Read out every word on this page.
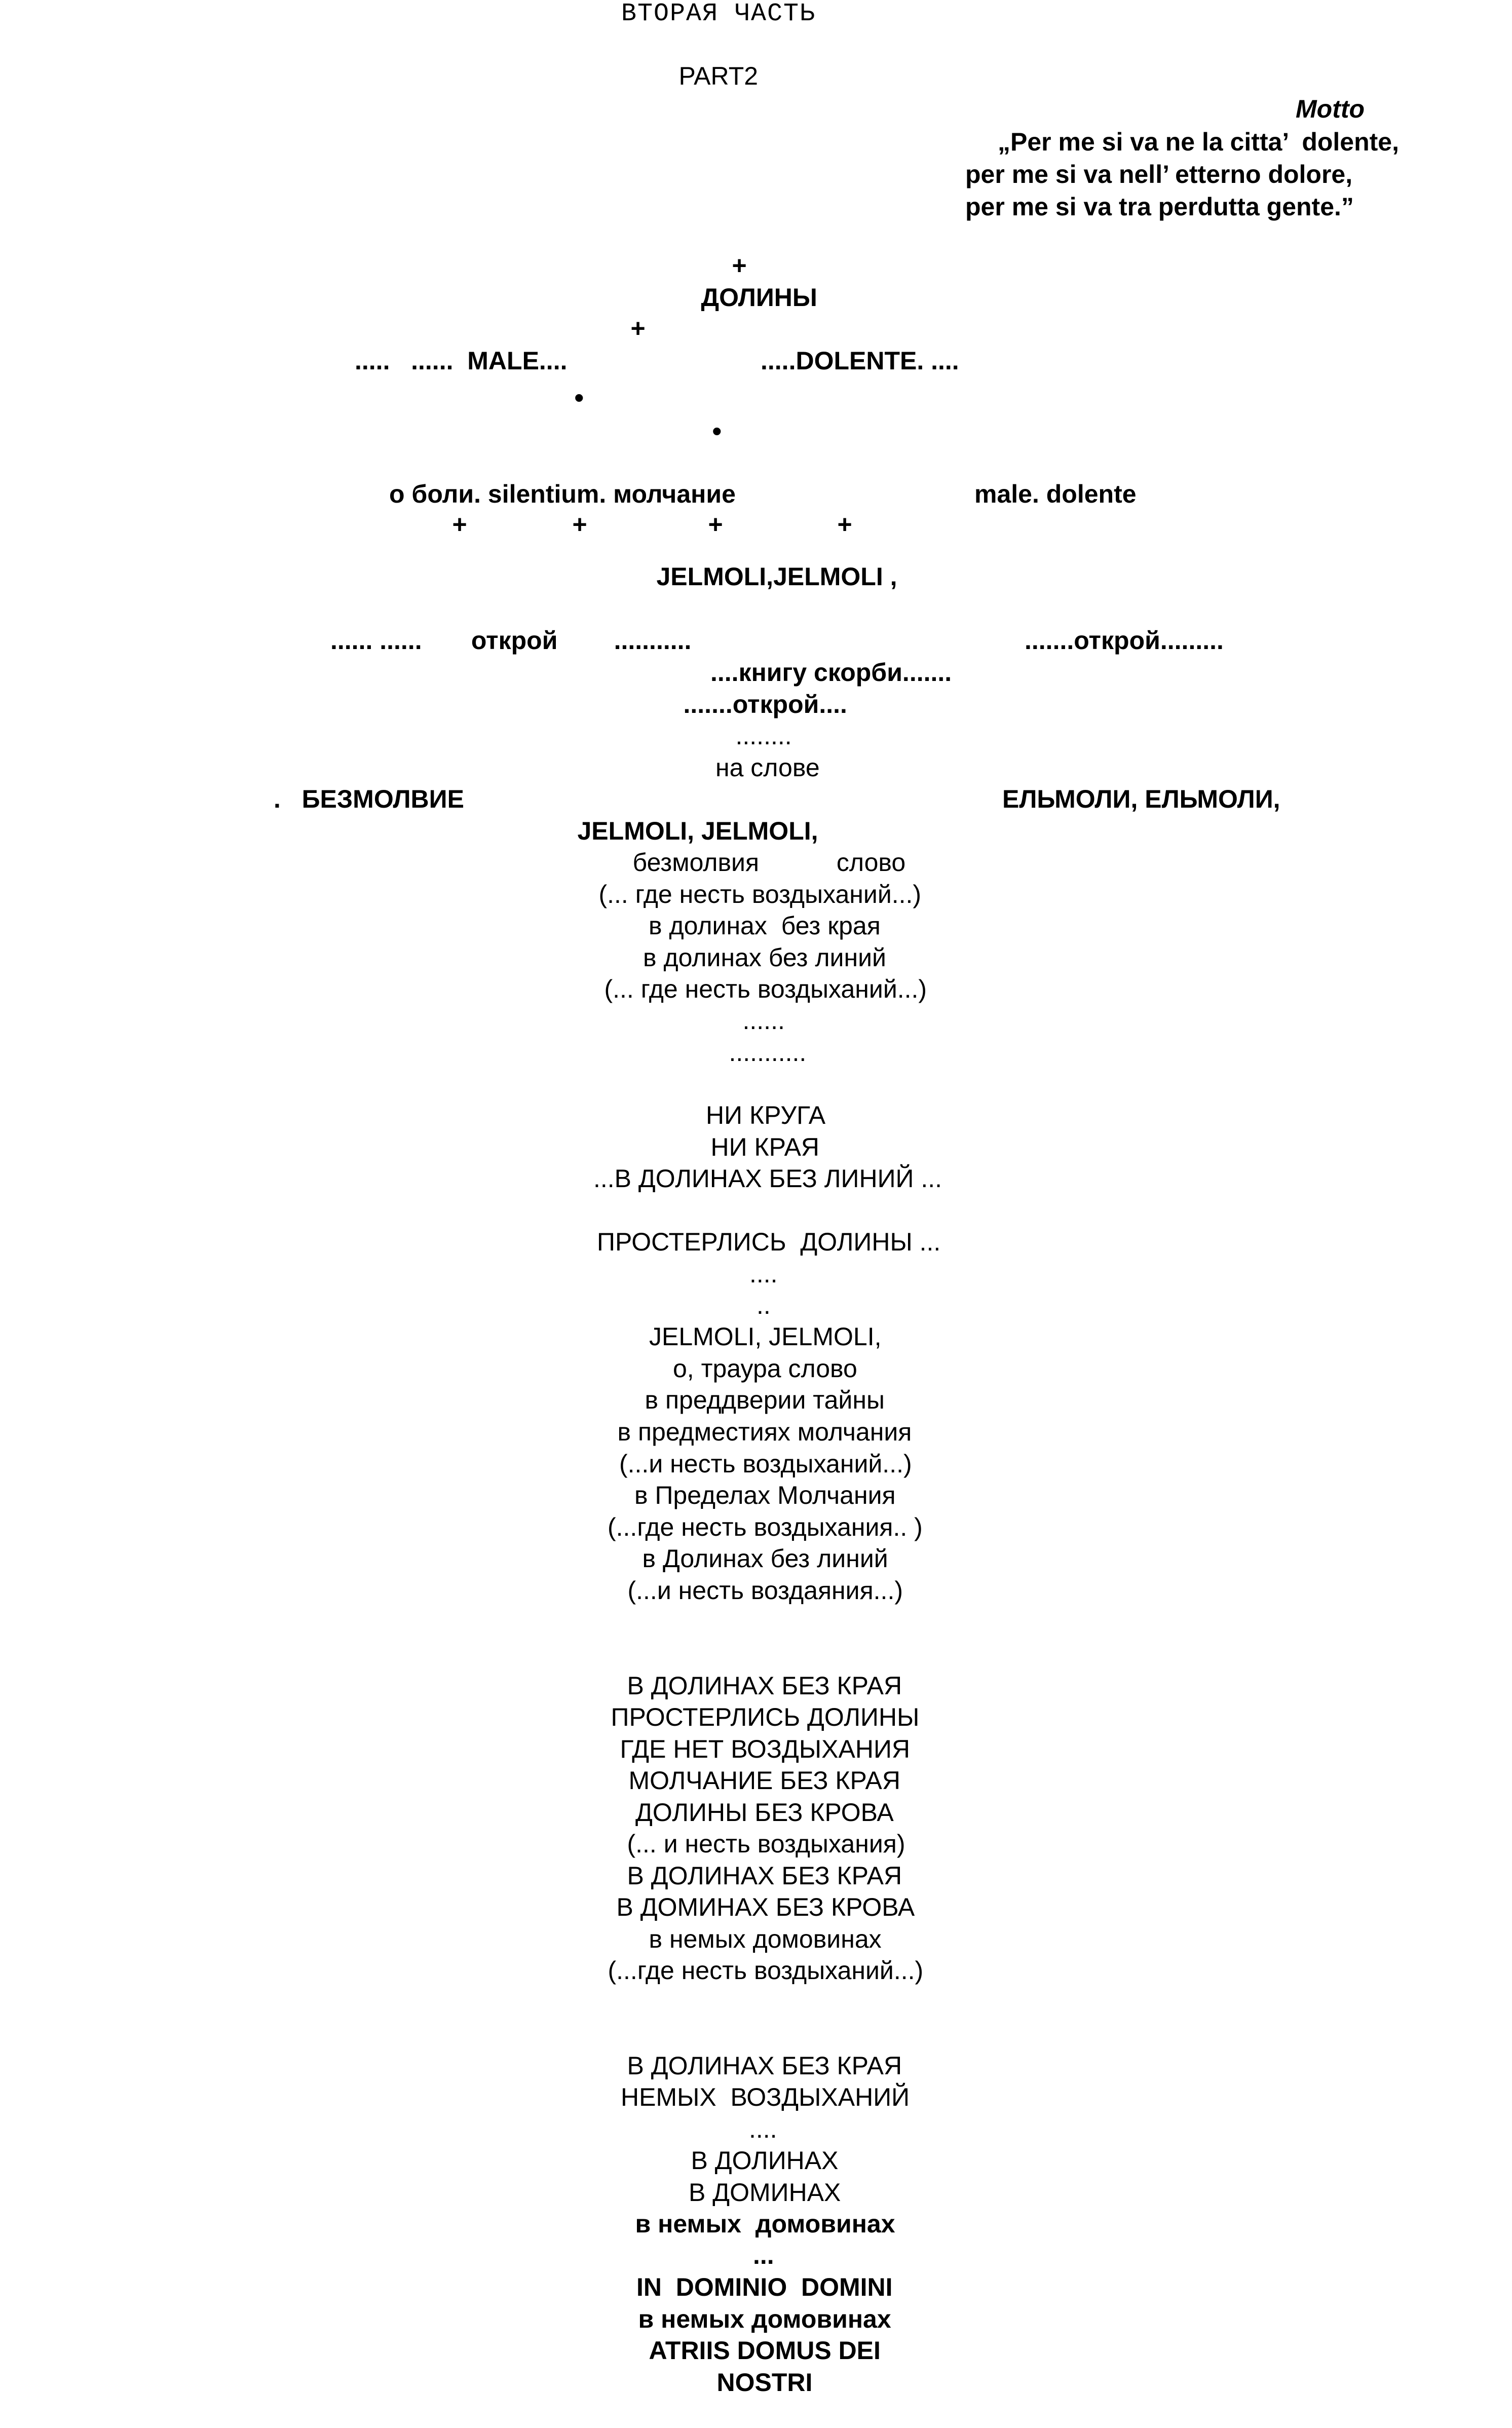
ВТОРАЯ ЧАСТЬ
PART2
Motto
„Per me si va ne la citta’  dolente,
per me si va nell’ etterno dolore,
per me si va tra perdutta gente.”
+
ДОЛИНЫ
+
.....   ......  MALE....	.....DOLENTE. ....
•
•
о боли. silentium. молчание	male. dolente
+	+	+	+
JELMOLI,JELMOLI ,
...... ......       открой        ...........	.......открой.........
....книгу скорби.......
.......открой....
........
на слове
.   БЕЗМОЛВИЕ	ЕЛЬМОЛИ, ЕЛЬМОЛИ,
JELMOLI, JELMOLI,
безмолвия           слово
(... где несть воздыханий...)
в долинах  без края
в долинах без линий
(... где несть воздыханий...)
......
...........
НИ КРУГА
НИ КРАЯ
...В ДОЛИНАХ БЕЗ ЛИНИЙ ...
ПРОСТЕРЛИСЬ  ДОЛИНЫ ...
....
..
JELMOLI, JELMOLI,
о, траура слово
в преддверии тайны
в предместиях молчания
(...и несть воздыханий...)
в Пределах Молчания
(...где несть воздыхания.. )
в Долинах без линий
(...и несть воздаяния...)
В ДОЛИНАХ БЕЗ КРАЯ
ПРОСТЕРЛИСЬ ДОЛИНЫ
ГДЕ НЕТ ВОЗДЫХАНИЯ
МОЛЧАНИЕ БЕЗ КРАЯ
ДОЛИНЫ БЕЗ КРОВА
(... и несть воздыхания)
В ДОЛИНАХ БЕЗ КРАЯ
В ДОМИНАХ БЕЗ КРОВА
в немых домовинах
(...где несть воздыханий...)
В ДОЛИНАХ БЕЗ КРАЯ
НЕМЫХ  ВОЗДЫХАНИЙ
....
В ДОЛИНАХ
В ДОМИНАХ
в немых  домовинах
...
IN  DOMINIO  DOMINI
в немых домовинах
ATRIIS DOMUS DEI
NOSTRI
